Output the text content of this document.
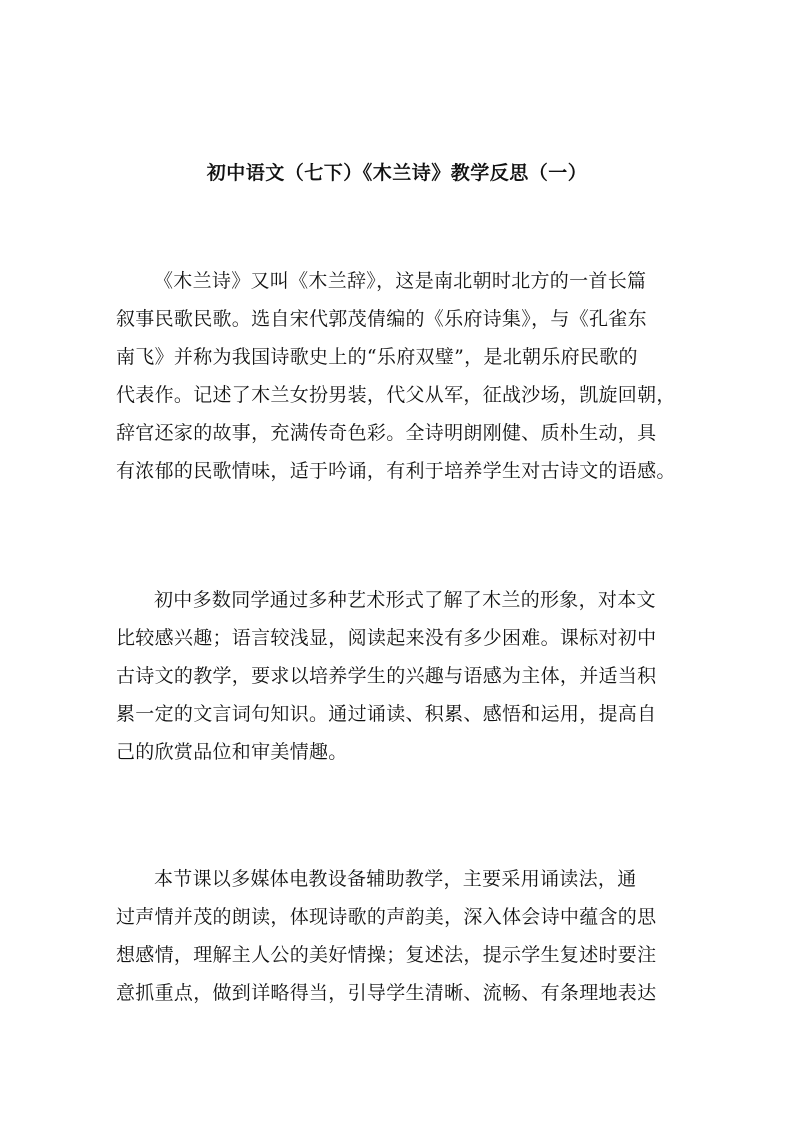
初中语文（七下）《木兰诗》教学反思（一）

《木兰诗》又叫《木兰辞》，这是南北朝时北方的一首长篇
叙事民歌民歌。选自宋代郭茂倩编的《乐府诗集》，与《孔雀东
南飞》并称为我国诗歌史上的“乐府双璧”，是北朝乐府民歌的
代表作。记述了木兰女扮男装，代父从军，征战沙场，凯旋回朝，
辞官还家的故事，充满传奇色彩。全诗明朗刚健、质朴生动，具
有浓郁的民歌情味，适于吟诵，有利于培养学生对古诗文的语感。

初中多数同学通过多种艺术形式了解了木兰的形象，对本文
比较感兴趣；语言较浅显，阅读起来没有多少困难。课标对初中
古诗文的教学，要求以培养学生的兴趣与语感为主体，并适当积
累一定的文言词句知识。通过诵读、积累、感悟和运用，提高自
己的欣赏品位和审美情趣。

本节课以多媒体电教设备辅助教学，主要采用诵读法，通
过声情并茂的朗读，体现诗歌的声韵美，深入体会诗中蕴含的思
想感情，理解主人公的美好情操；复述法，提示学生复述时要注
意抓重点，做到详略得当，引导学生清晰、流畅、有条理地表达
